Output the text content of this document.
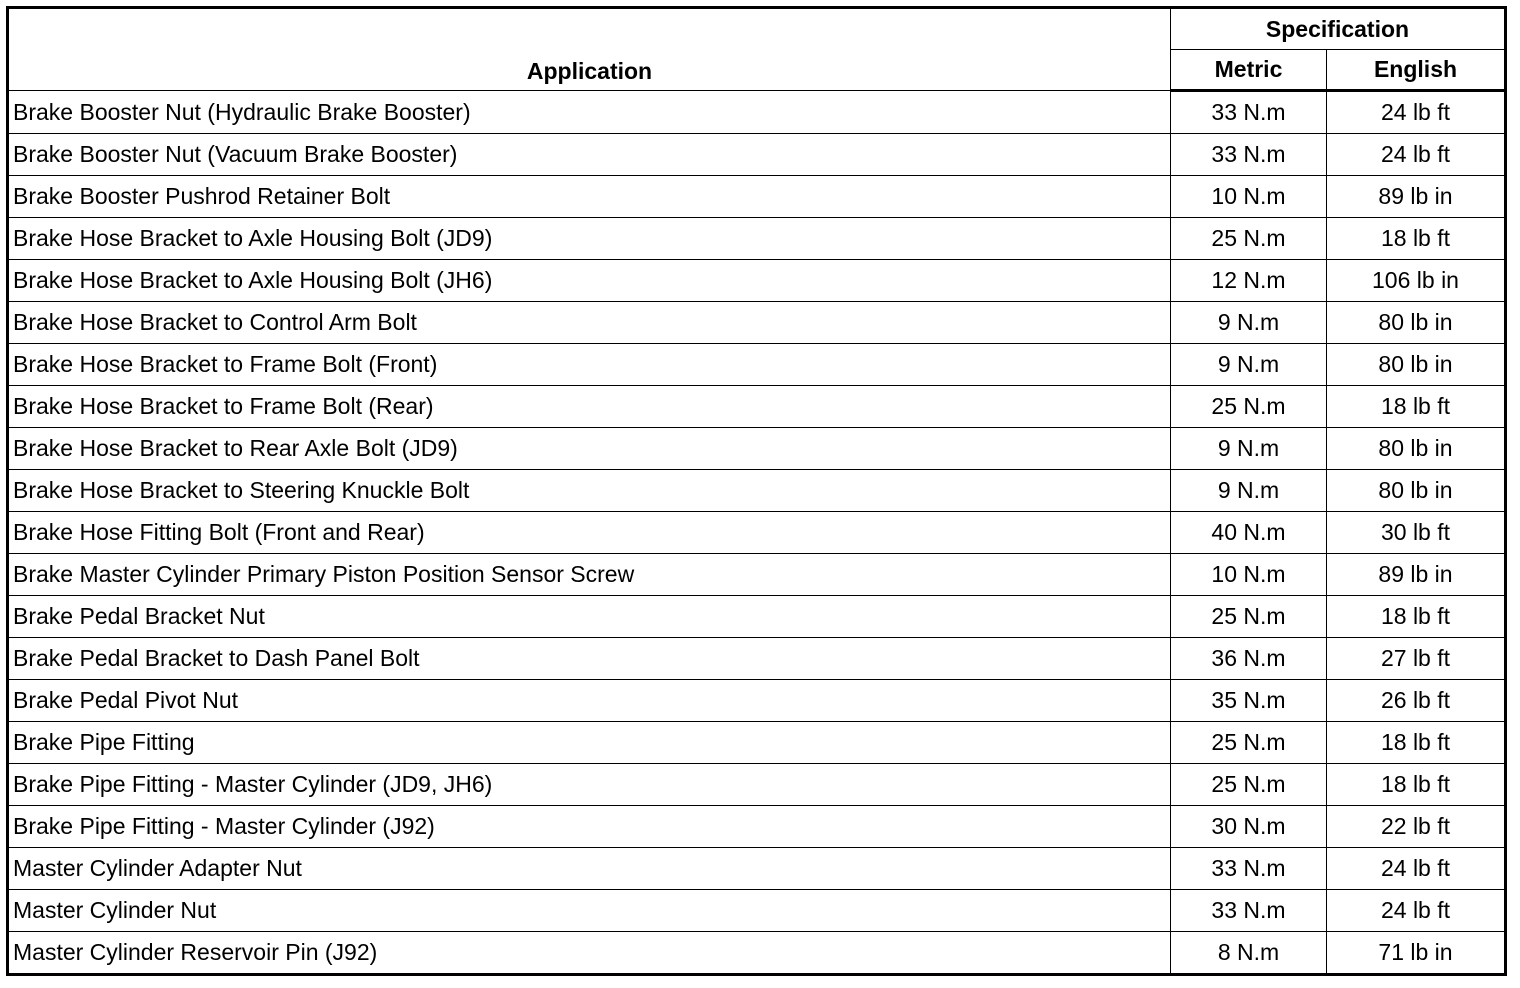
Application	Specification	
	Metric	English
Brake Booster Nut (Hydraulic Brake Booster)	33 N.m	24 lb ft
Brake Booster Nut (Vacuum Brake Booster)	33 N.m	24 lb ft
Brake Booster Pushrod Retainer Bolt	10 N.m	89 lb in
Brake Hose Bracket to Axle Housing Bolt (JD9)	25 N.m	18 lb ft
Brake Hose Bracket to Axle Housing Bolt (JH6)	12 N.m	106 lb in
Brake Hose Bracket to Control Arm Bolt	9 N.m	80 lb in
Brake Hose Bracket to Frame Bolt (Front)	9 N.m	80 lb in
Brake Hose Bracket to Frame Bolt (Rear)	25 N.m	18 lb ft
Brake Hose Bracket to Rear Axle Bolt (JD9)	9 N.m	80 lb in
Brake Hose Bracket to Steering Knuckle Bolt	9 N.m	80 lb in
Brake Hose Fitting Bolt (Front and Rear)	40 N.m	30 lb ft
Brake Master Cylinder Primary Piston Position Sensor Screw	10 N.m	89 lb in
Brake Pedal Bracket Nut	25 N.m	18 lb ft
Brake Pedal Bracket to Dash Panel Bolt	36 N.m	27 lb ft
Brake Pedal Pivot Nut	35 N.m	26 lb ft
Brake Pipe Fitting	25 N.m	18 lb ft
Brake Pipe Fitting - Master Cylinder (JD9, JH6)	25 N.m	18 lb ft
Brake Pipe Fitting - Master Cylinder (J92)	30 N.m	22 lb ft
Master Cylinder Adapter Nut	33 N.m	24 lb ft
Master Cylinder Nut	33 N.m	24 lb ft
Master Cylinder Reservoir Pin (J92)	8 N.m	71 lb in
